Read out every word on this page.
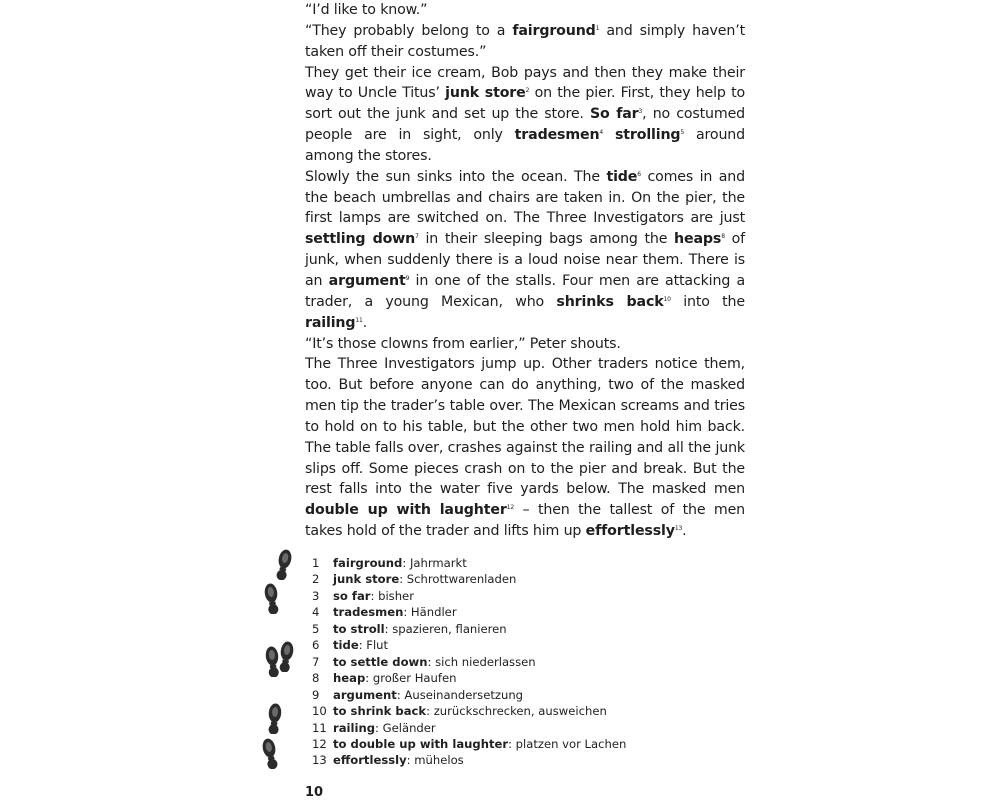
“I’d like to know.”

“They probably belong to a fairground$^1$ and simply haven’t taken off their costumes.”

They get their ice cream, Bob pays and then they make their way to Uncle Titus’ junk store$^2$ on the pier. First, they help to sort out the junk and set up the store. So far$^3$, no costumed people are in sight, only tradesmen$^4$ strolling$^5$ around among the stores.

Slowly the sun sinks into the ocean. The tide$^6$ comes in and the beach umbrellas and chairs are taken in. On the pier, the first lamps are switched on. The Three Investigators are just settling down$^7$ in their sleeping bags among the heaps$^8$ of junk, when suddenly there is a loud noise near them. There is an argument$^9$ in one of the stalls. Four men are attacking a trader, a young Mexican, who shrinks back$^{10}$ into the railing$^{11}$.

“It’s those clowns from earlier,” Peter shouts.

The Three Investigators jump up. Other traders notice them, too. But before anyone can do anything, two of the masked men tip the trader’s table over. The Mexican screams and tries to hold on to his table, but the other two men hold him back. The table falls over, crashes against the railing and all the junk slips off. Some pieces crash on to the pier and break. But the rest falls into the water five yards below. The masked men double up with laughter$^{12}$ – then the tallest of the men takes hold of the trader and lifts him up effortlessly$^{13}$.

1 fairground: Jahrmarkt
2 junk store: Schrottwarenladen
3 so far: bisher
4 tradesmen: Händler
5 to stroll: spazieren, flanieren
6 tide: Flut
7 to settle down: sich niederlassen
8 heap: großer Haufen
9 argument: Auseinandersetzung
10 to shrink back: zurückschrecken, ausweichen
11 railing: Geländer
12 to double up with laughter: platzen vor Lachen
13 effortlessly: mühelos
10
